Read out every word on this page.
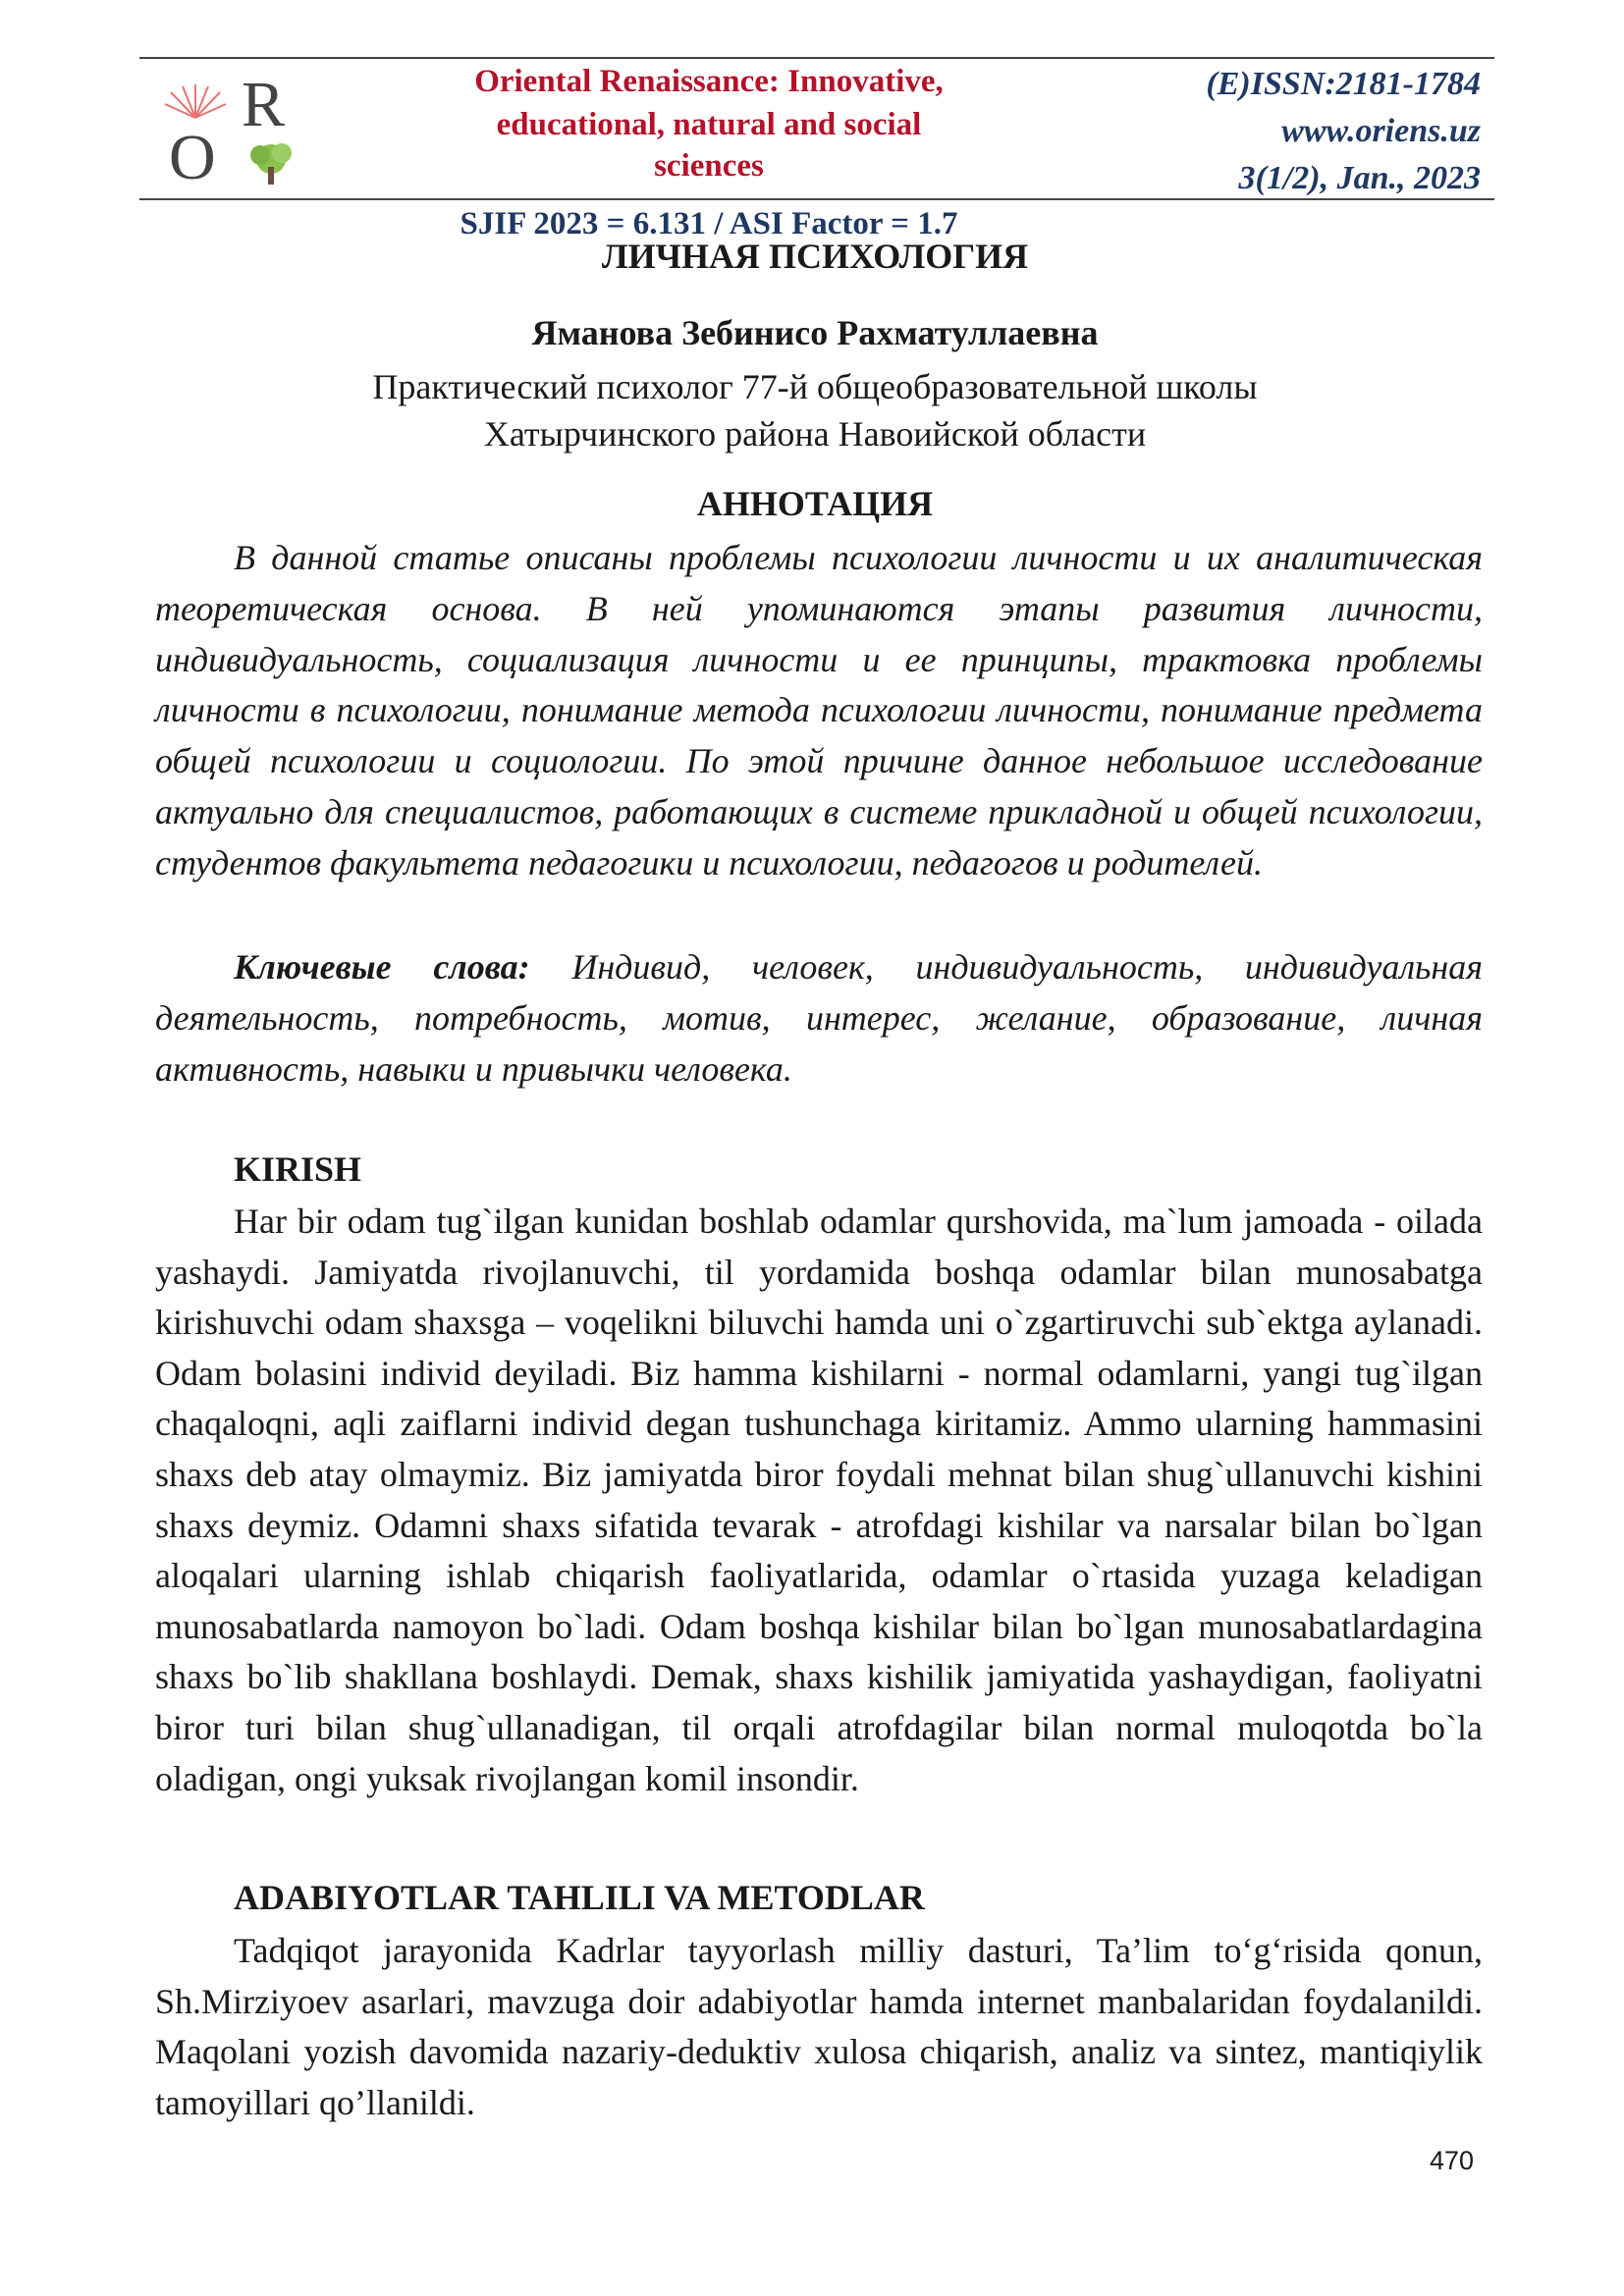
O
R	Oriental Renaissance: Innovative,
educational, natural and social sciences
SJIF 2023 = 6.131 / ASI Factor = 1.7
(E)ISSN:2181-1784
www.oriens.uz
3(1/2), Jan., 2023
ЛИЧНАЯ ПСИХОЛОГИЯ
Яманова Зебинисо Рахматуллаевна
Практический психолог 77-й общеобразовательной школы
Хатырчинского района Навоийской области
АННОТАЦИЯ

В данной статье описаны проблемы психологии личности и их аналитическая теоретическая основа. В ней упоминаются этапы развития личности, индивидуальность, социализация личности и ее принципы, трактовка проблемы личности в психологии, понимание метода психологии личности, понимание предмета общей психологии и социологии. По этой причине данное небольшое исследование актуально для специалистов, работающих в системе прикладной и общей психологии, студентов факультета педагогики и психологии, педагогов и родителей.

Ключевые слова: Индивид, человек, индивидуальность, индивидуальная деятельность, потребность, мотив, интерес, желание, образование, личная активность, навыки и привычки человека.

KIRISH

Har bir odam tug`ilgan kunidan boshlab odamlar qurshovida, ma`lum jamoada - oilada yashaydi. Jamiyatda rivojlanuvchi, til yordamida boshqa odamlar bilan munosabatga kirishuvchi odam shaxsga – voqelikni biluvchi hamda uni o`zgartiruvchi sub`ektga aylanadi. Odam bolasini individ deyiladi. Biz hamma kishilarni - normal odamlarni, yangi tug`ilgan chaqaloqni, aqli zaiflarni individ degan tushunchaga kiritamiz. Ammo ularning hammasini shaxs deb atay olmaymiz. Biz jamiyatda biror foydali mehnat bilan shug`ullanuvchi kishini shaxs deymiz. Odamni shaxs sifatida tevarak - atrofdagi kishilar va narsalar bilan bo`lgan aloqalari ularning ishlab chiqarish faoliyatlarida, odamlar o`rtasida yuzaga keladigan munosabatlarda namoyon bo`ladi. Odam boshqa kishilar bilan bo`lgan munosabatlardagina shaxs bo`lib shakllana boshlaydi. Demak, shaxs kishilik jamiyatida yashaydigan, faoliyatni biror turi bilan shug`ullanadigan, til orqali atrofdagilar bilan normal muloqotda bo`la oladigan, ongi yuksak rivojlangan komil insondir.

ADABIYOTLAR TAHLILI VA METODLAR

Tadqiqot jarayonida Kadrlar tayyorlash milliy dasturi, Ta’lim to‘g‘risida qonun, Sh.Mirziyoev asarlari, mavzuga doir adabiyotlar hamda internet manbalaridan foydalanildi. Maqolani yozish davomida nazariy-deduktiv xulosa chiqarish, analiz va sintez, mantiqiylik tamoyillari qo’llanildi.

470
